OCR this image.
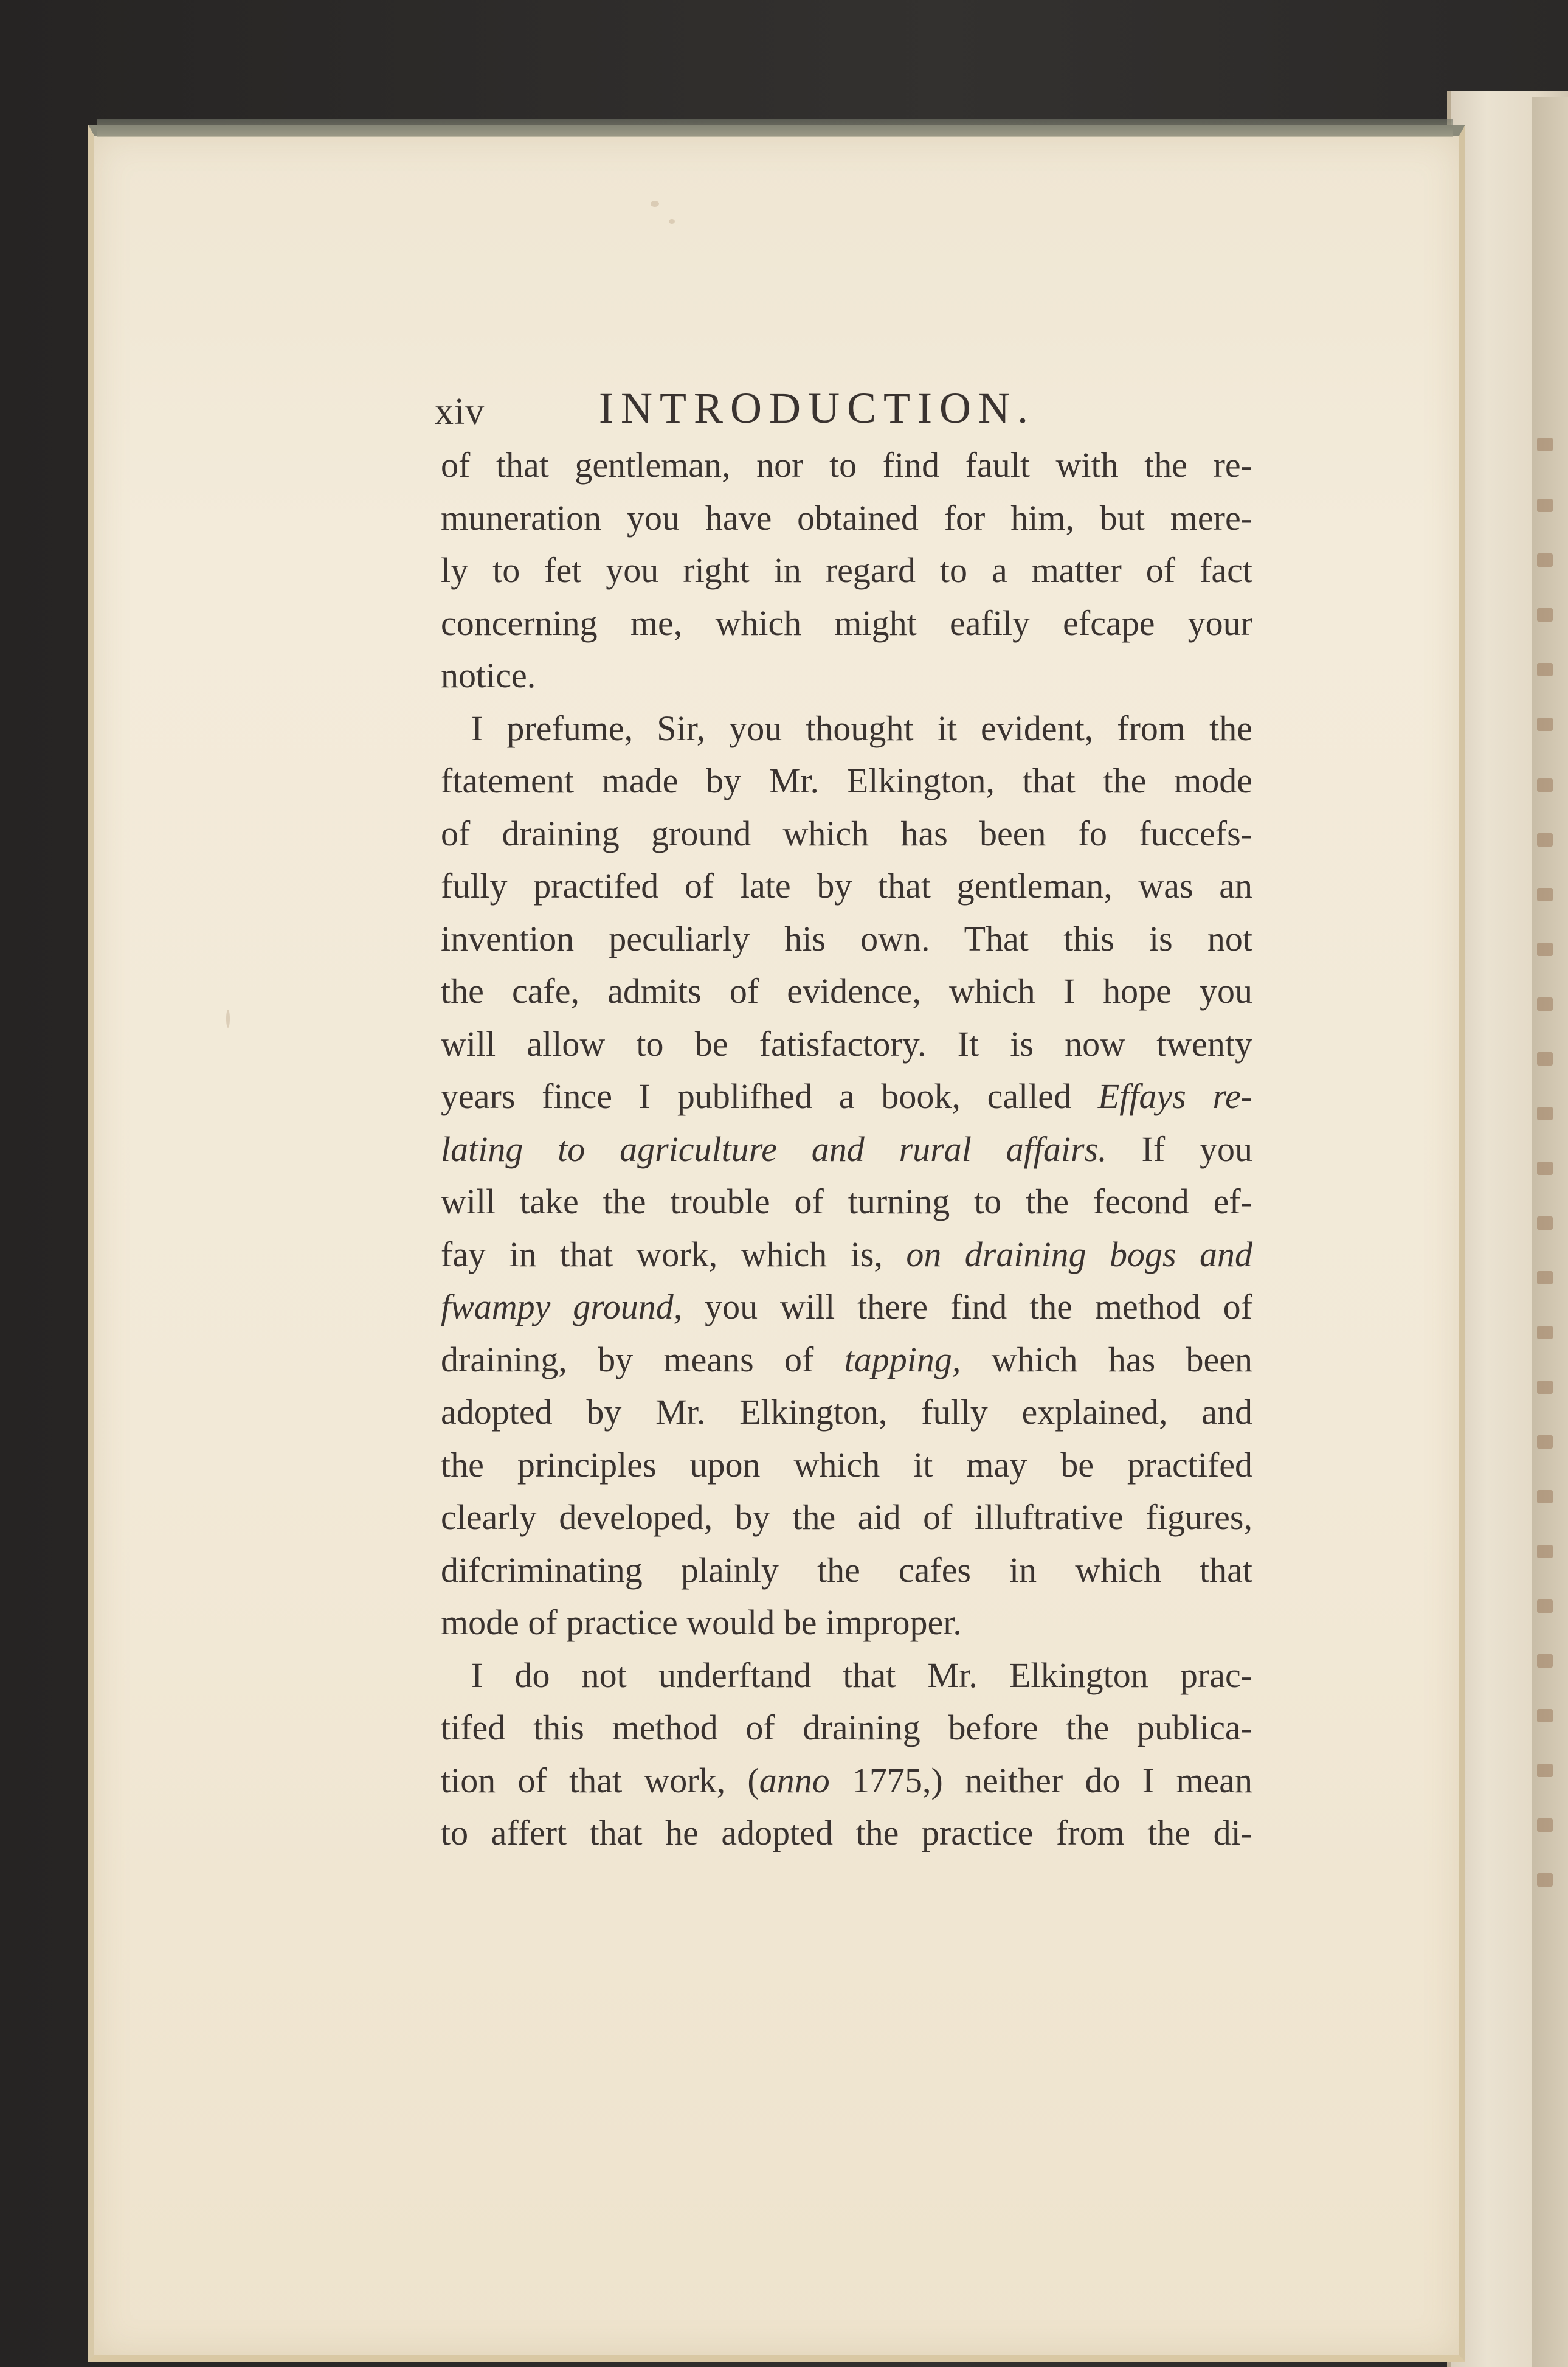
xiv	INTRODUCTION.
of that gentleman, nor to find fault with the re-
muneration you have obtained for him, but mere-
ly to fet you right in regard to a matter of fact
concerning me, which might eafily efcape your
notice.
I prefume, Sir, you thought it evident, from the
ftatement made by Mr. Elkington, that the mode
of draining ground which has been fo fuccefs-
fully practifed of late by that gentleman, was an
invention peculiarly his own. That this is not
the cafe, admits of evidence, which I hope you
will allow to be fatisfactory. It is now twenty
years fince I publifhed a book, called Effays re-
lating to agriculture and rural affairs. If you
will take the trouble of turning to the fecond ef-
fay in that work, which is, on draining bogs and
fwampy ground, you will there find the method of
draining, by means of tapping, which has been
adopted by Mr. Elkington, fully explained, and
the principles upon which it may be practifed
clearly developed, by the aid of illuftrative figures,
difcriminating plainly the cafes in which that
mode of practice would be improper.
I do not underftand that Mr. Elkington prac-
tifed this method of draining before the publica-
tion of that work, (anno 1775,) neither do I mean
to affert that he adopted the practice from the di-
